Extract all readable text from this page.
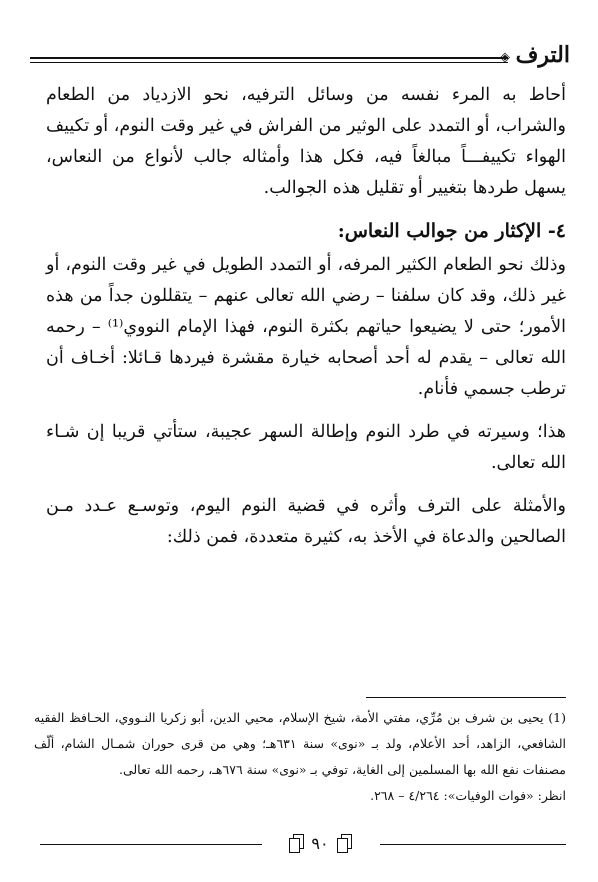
◈ الترف

أحاط به المرء نفسه من وسائل الترفيه، نحو الازدياد من الطعام والشراب، أو التمدد على الوثير من الفراش في غير وقت النوم، أو تكييف الهواء تكييفـــاً مبالغاً فيه، فكل هذا وأمثاله جالب لأنواع من النعاس، يسهل طردها بتغيير أو تقليل هذه الجوالب.

٤- الإكثار من جوالب النعاس:

وذلك نحو الطعام الكثير المرفه، أو التمدد الطويل في غير وقت النوم، أو غير ذلك، وقد كان سلفنا – رضي الله تعالى عنهم – يتقللون جداً من هذه الأمور؛ حتى لا يضيعوا حياتهم بكثرة النوم، فهذا الإمام النووي⁽¹⁾ – رحمه الله تعالى – يقدم له أحد أصحابه خيارة مقشرة فيردها قـائلا: أخـاف أن ترطب جسمي فأنام.

هذا؛ وسيرته في طرد النوم وإطالة السهر عجيبة، ستأتي قريبا إن شـاء الله تعالى.

والأمثلة على الترف وأثره في قضية النوم اليوم، وتوسـع عـدد مـن الصالحين والدعاة في الأخذ به، كثيرة متعددة، فمن ذلك:

(1) يحيى بن شرف بن مُرِّي، مفتي الأمة، شيخ الإسلام، محيي الدين، أبو زكريا النـووي، الحـافظ الفقيه الشافعي، الزاهد، أحد الأعلام، ولد بـ «نوى» سنة ٦٣١هـ؛ وهي من قرى حوران شمـال الشام، ألّف مصنفات نفع الله بها المسلمين إلى الغاية، توفي بـ «نوى» سنة ٦٧٦هـ، رحمه الله تعالى.

انظر: «فوات الوفيات»: ٤/٢٦٤ – ٢٦٨.

٩٠
